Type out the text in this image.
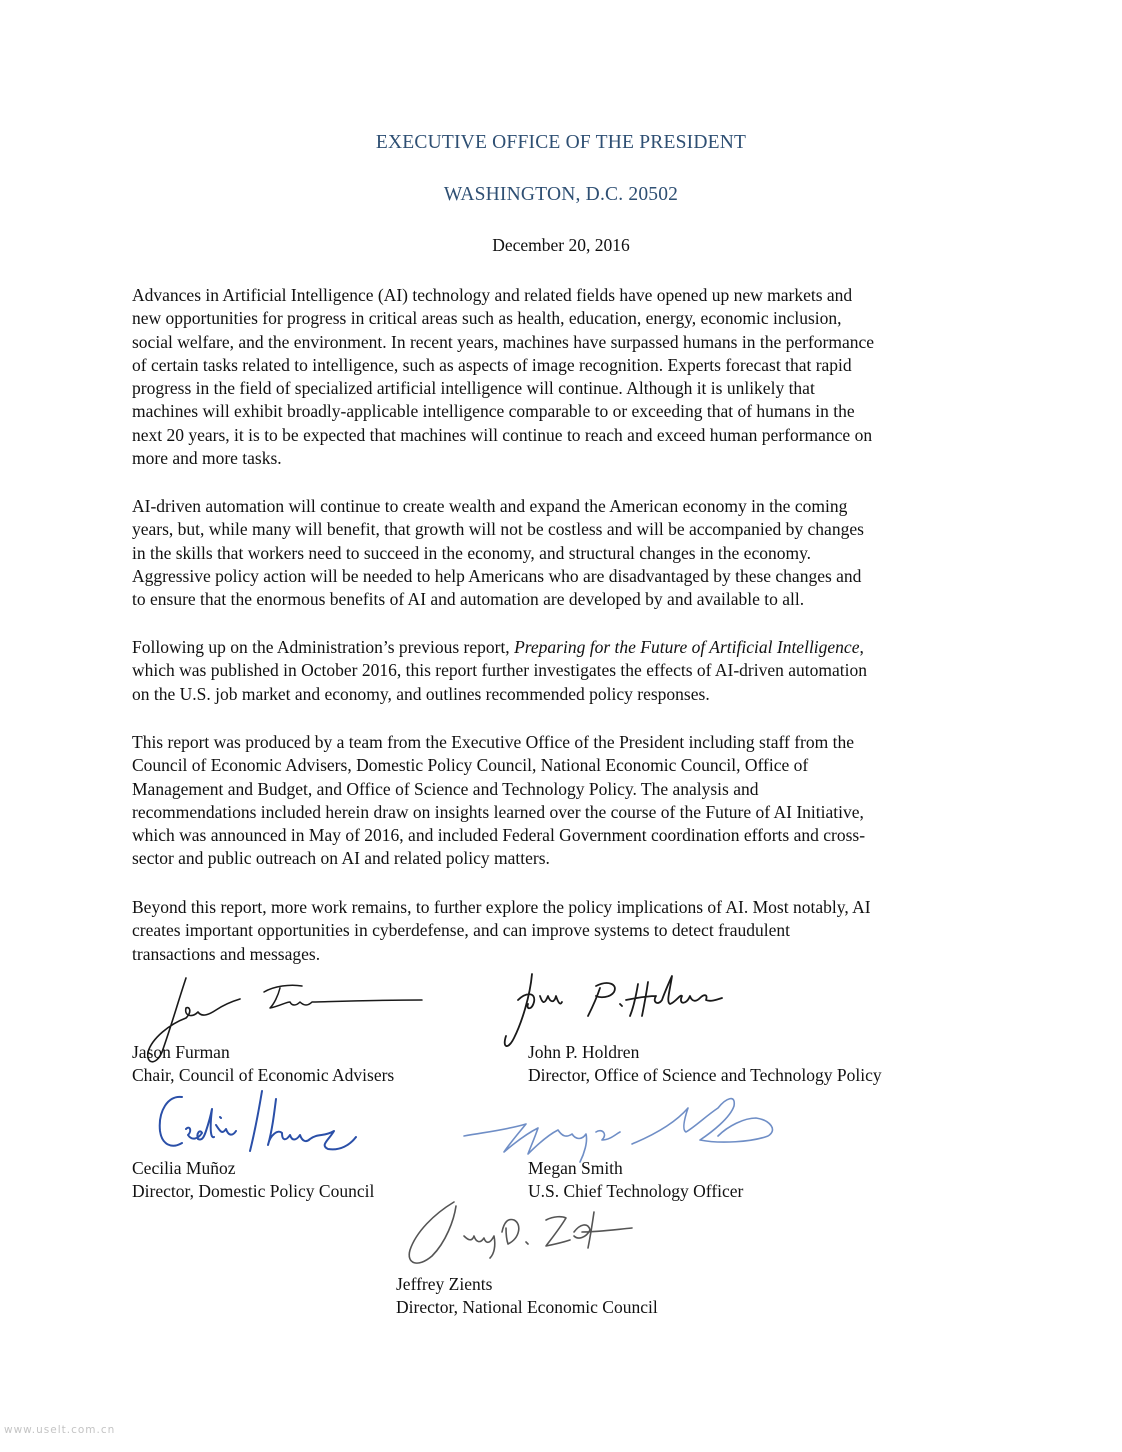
EXECUTIVE OFFICE OF THE PRESIDENT
WASHINGTON, D.C. 20502
December 20, 2016

Advances in Artificial Intelligence (AI) technology and related fields have opened up new markets and
new opportunities for progress in critical areas such as health, education, energy, economic inclusion,
social welfare, and the environment. In recent years, machines have surpassed humans in the performance
of certain tasks related to intelligence, such as aspects of image recognition. Experts forecast that rapid
progress in the field of specialized artificial intelligence will continue. Although it is unlikely that
machines will exhibit broadly-applicable intelligence comparable to or exceeding that of humans in the
next 20 years, it is to be expected that machines will continue to reach and exceed human performance on
more and more tasks.

AI-driven automation will continue to create wealth and expand the American economy in the coming
years, but, while many will benefit, that growth will not be costless and will be accompanied by changes
in the skills that workers need to succeed in the economy, and structural changes in the economy.
Aggressive policy action will be needed to help Americans who are disadvantaged by these changes and
to ensure that the enormous benefits of AI and automation are developed by and available to all.

Following up on the Administration’s previous report, Preparing for the Future of Artificial Intelligence,
which was published in October 2016, this report further investigates the effects of AI-driven automation
on the U.S. job market and economy, and outlines recommended policy responses.

This report was produced by a team from the Executive Office of the President including staff from the
Council of Economic Advisers, Domestic Policy Council, National Economic Council, Office of
Management and Budget, and Office of Science and Technology Policy. The analysis and
recommendations included herein draw on insights learned over the course of the Future of AI Initiative,
which was announced in May of 2016, and included Federal Government coordination efforts and cross-
sector and public outreach on AI and related policy matters.

Beyond this report, more work remains, to further explore the policy implications of AI. Most notably, AI
creates important opportunities in cyberdefense, and can improve systems to detect fraudulent
transactions and messages.

Jason Furman
Chair, Council of Economic Advisers
John P. Holdren
Director, Office of Science and Technology Policy
Cecilia Muñoz
Director, Domestic Policy Council
Megan Smith
U.S. Chief Technology Officer
Jeffrey Zients
Director, National Economic Council
www.uselt.com.cn
